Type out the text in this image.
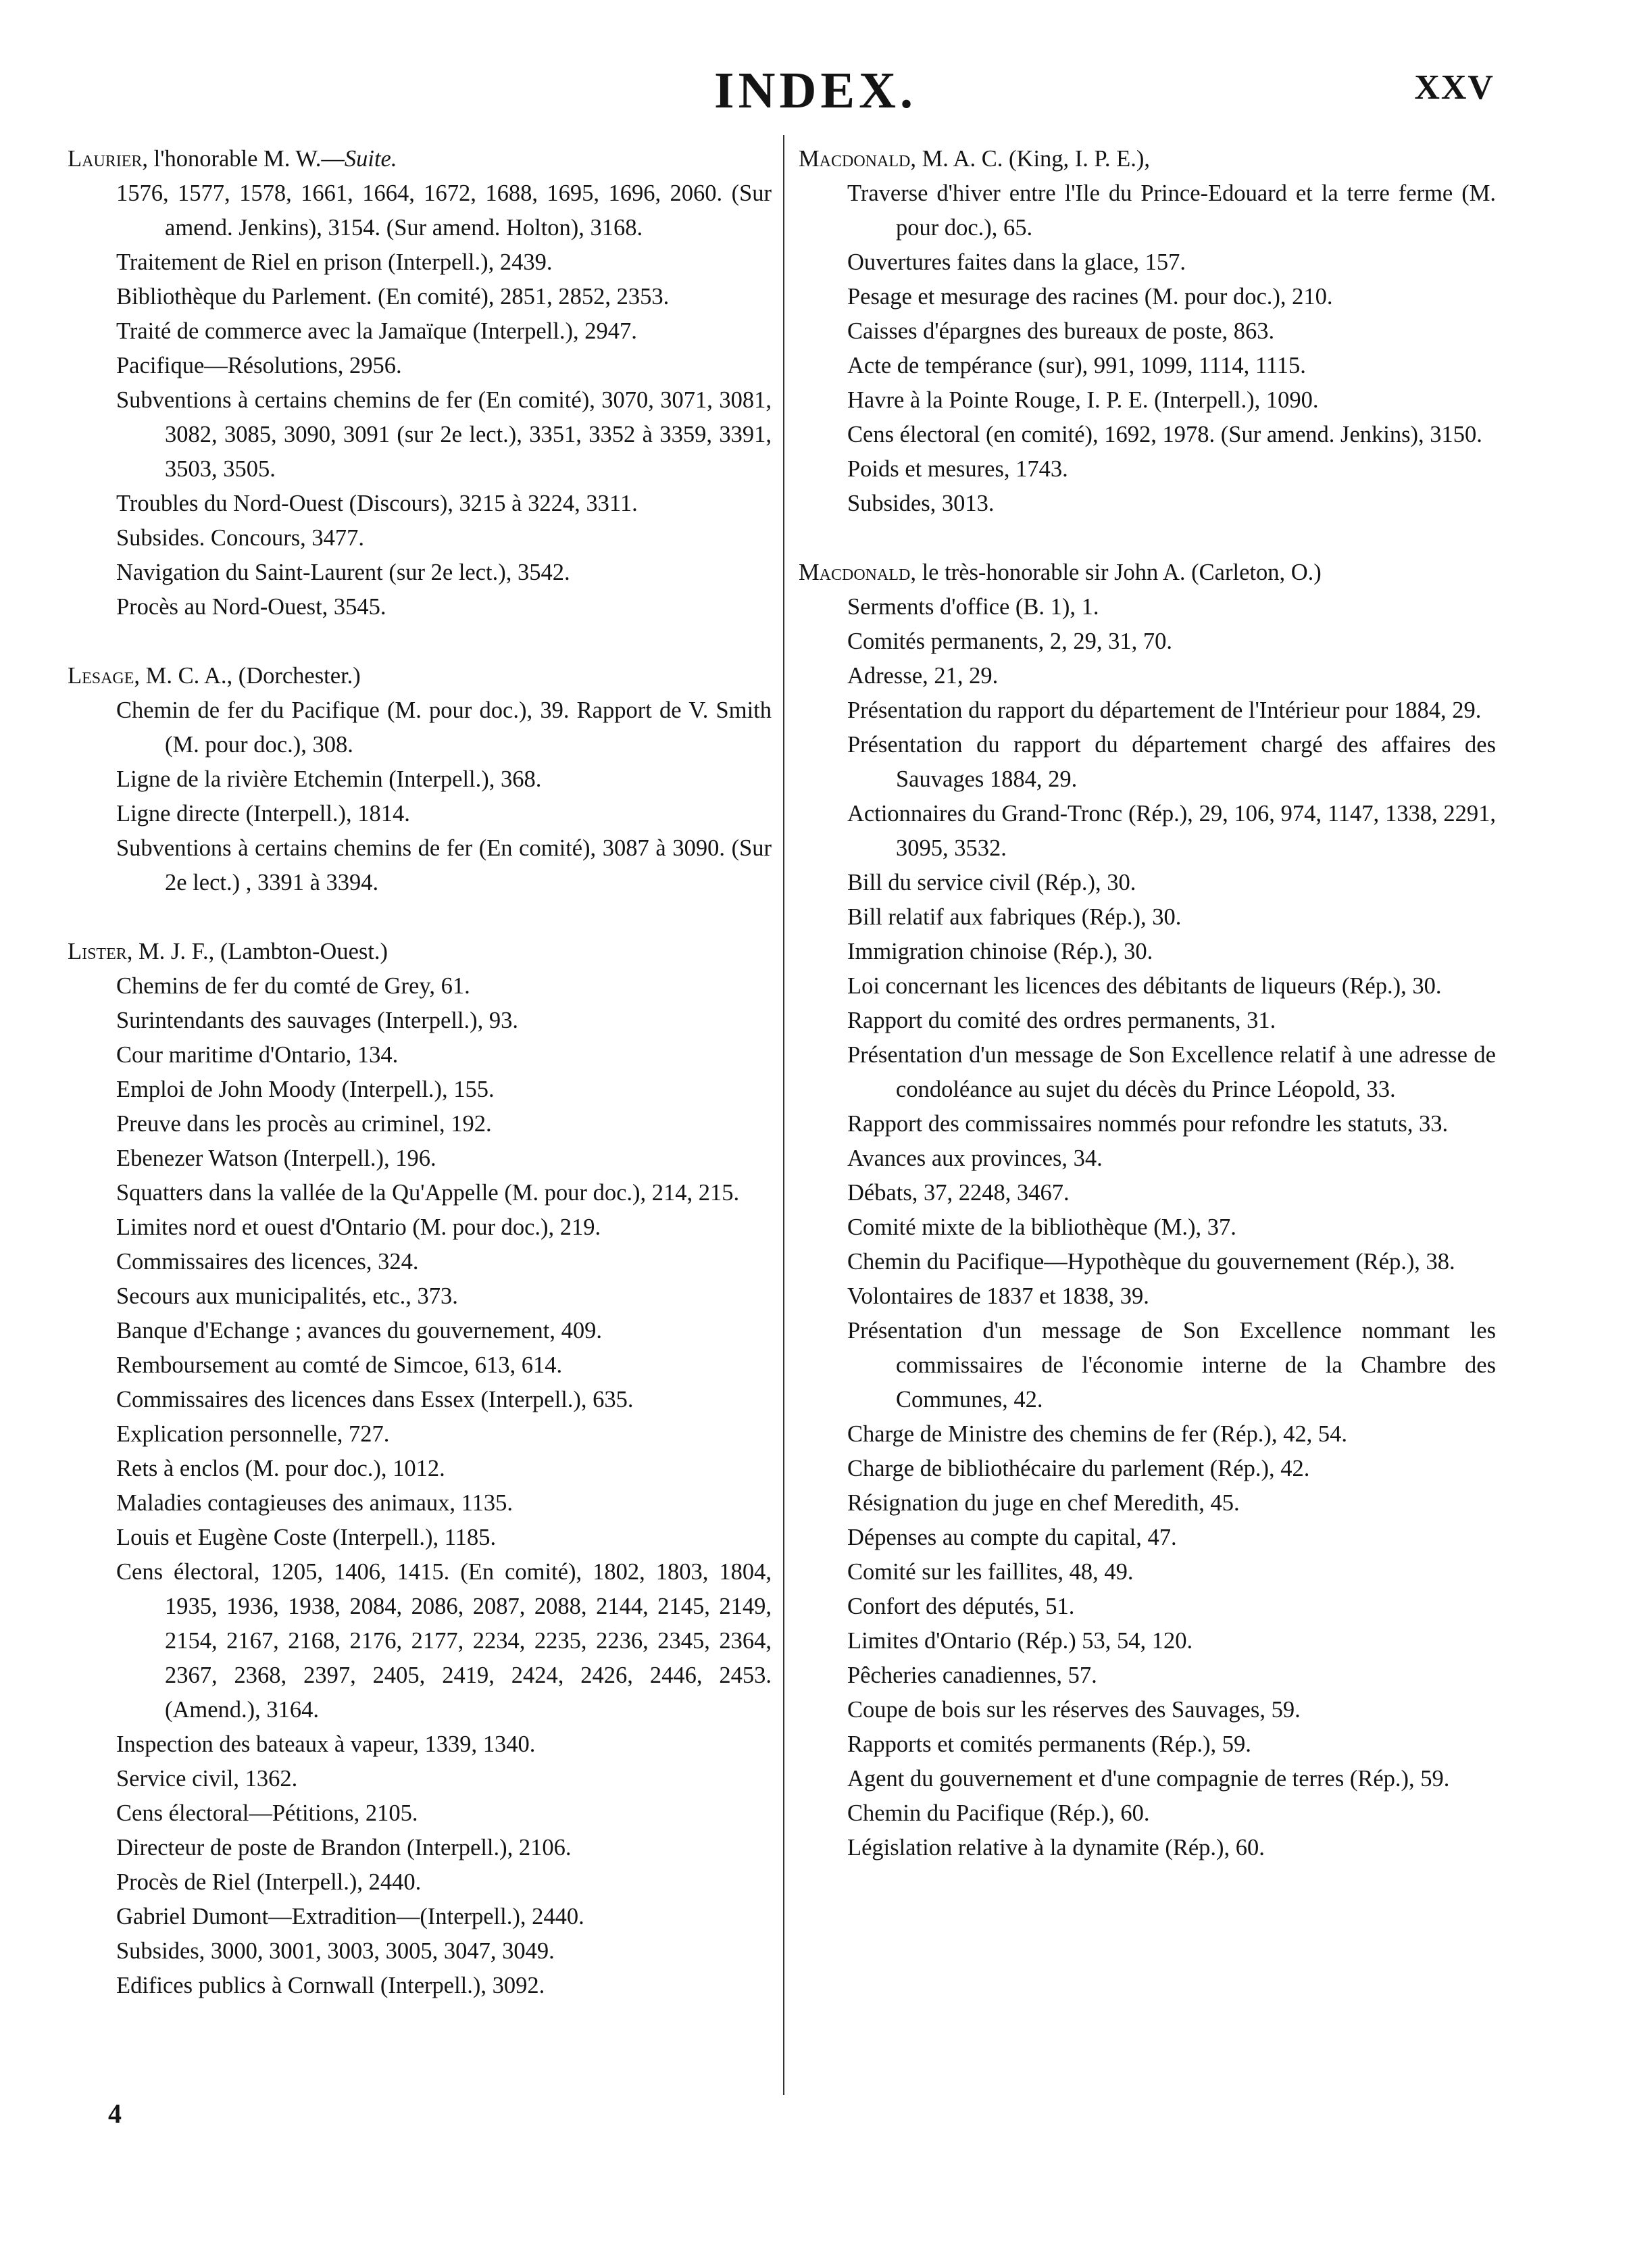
INDEX.	XXV
Laurier, l'honorable M. W.—Suite.
1576, 1577, 1578, 1661, 1664, 1672, 1688, 1695, 1696, 2060. (Sur amend. Jenkins), 3154. (Sur amend. Holton), 3168.
Traitement de Riel en prison (Interpell.), 2439.
Bibliothèque du Parlement. (En comité), 2851, 2852, 2353.
Traité de commerce avec la Jamaïque (Interpell.), 2947.
Pacifique—Résolutions, 2956.
Subventions à certains chemins de fer (En comité), 3070, 3071, 3081, 3082, 3085, 3090, 3091 (sur 2e lect.), 3351, 3352 à 3359, 3391, 3503, 3505.
Troubles du Nord-Ouest (Discours), 3215 à 3224, 3311.
Subsides. Concours, 3477.
Navigation du Saint-Laurent (sur 2e lect.), 3542.
Procès au Nord-Ouest, 3545.
Lesage, M. C. A., (Dorchester.)
Chemin de fer du Pacifique (M. pour doc.), 39. Rapport de V. Smith (M. pour doc.), 308.
Ligne de la rivière Etchemin (Interpell.), 368.
Ligne directe (Interpell.), 1814.
Subventions à certains chemins de fer (En comité), 3087 à 3090. (Sur 2e lect.) , 3391 à 3394.
Lister, M. J. F., (Lambton-Ouest.)
Chemins de fer du comté de Grey, 61.
Surintendants des sauvages (Interpell.), 93.
Cour maritime d'Ontario, 134.
Emploi de John Moody (Interpell.), 155.
Preuve dans les procès au criminel, 192.
Ebenezer Watson (Interpell.), 196.
Squatters dans la vallée de la Qu'Appelle (M. pour doc.), 214, 215.
Limites nord et ouest d'Ontario (M. pour doc.), 219.
Commissaires des licences, 324.
Secours aux municipalités, etc., 373.
Banque d'Echange ; avances du gouvernement, 409.
Remboursement au comté de Simcoe, 613, 614.
Commissaires des licences dans Essex (Interpell.), 635.
Explication personnelle, 727.
Rets à enclos (M. pour doc.), 1012.
Maladies contagieuses des animaux, 1135.
Louis et Eugène Coste (Interpell.), 1185.
Cens électoral, 1205, 1406, 1415. (En comité), 1802, 1803, 1804, 1935, 1936, 1938, 2084, 2086, 2087, 2088, 2144, 2145, 2149, 2154, 2167, 2168, 2176, 2177, 2234, 2235, 2236, 2345, 2364, 2367, 2368, 2397, 2405, 2419, 2424, 2426, 2446, 2453. (Amend.), 3164.
Inspection des bateaux à vapeur, 1339, 1340.
Service civil, 1362.
Cens électoral—Pétitions, 2105.
Directeur de poste de Brandon (Interpell.), 2106.
Procès de Riel (Interpell.), 2440.
Gabriel Dumont—Extradition—(Interpell.), 2440.
Subsides, 3000, 3001, 3003, 3005, 3047, 3049.
Edifices publics à Cornwall (Interpell.), 3092.
Macdonald, M. A. C. (King, I. P. E.),
Traverse d'hiver entre l'Ile du Prince-Edouard et la terre ferme (M. pour doc.), 65.
Ouvertures faites dans la glace, 157.
Pesage et mesurage des racines (M. pour doc.), 210.
Caisses d'épargnes des bureaux de poste, 863.
Acte de tempérance (sur), 991, 1099, 1114, 1115.
Havre à la Pointe Rouge, I. P. E. (Interpell.), 1090.
Cens électoral (en comité), 1692, 1978. (Sur amend. Jenkins), 3150.
Poids et mesures, 1743.
Subsides, 3013.
Macdonald, le très-honorable sir John A. (Carleton, O.)
Serments d'office (B. 1), 1.
Comités permanents, 2, 29, 31, 70.
Adresse, 21, 29.
Présentation du rapport du département de l'Intérieur pour 1884, 29.
Présentation du rapport du département chargé des affaires des Sauvages 1884, 29.
Actionnaires du Grand-Tronc (Rép.), 29, 106, 974, 1147, 1338, 2291, 3095, 3532.
Bill du service civil (Rép.), 30.
Bill relatif aux fabriques (Rép.), 30.
Immigration chinoise (Rép.), 30.
Loi concernant les licences des débitants de liqueurs (Rép.), 30.
Rapport du comité des ordres permanents, 31.
Présentation d'un message de Son Excellence relatif à une adresse de condoléance au sujet du décès du Prince Léopold, 33.
Rapport des commissaires nommés pour refondre les statuts, 33.
Avances aux provinces, 34.
Débats, 37, 2248, 3467.
Comité mixte de la bibliothèque (M.), 37.
Chemin du Pacifique—Hypothèque du gouvernement (Rép.), 38.
Volontaires de 1837 et 1838, 39.
Présentation d'un message de Son Excellence nommant les commissaires de l'économie interne de la Chambre des Communes, 42.
Charge de Ministre des chemins de fer (Rép.), 42, 54.
Charge de bibliothécaire du parlement (Rép.), 42.
Résignation du juge en chef Meredith, 45.
Dépenses au compte du capital, 47.
Comité sur les faillites, 48, 49.
Confort des députés, 51.
Limites d'Ontario (Rép.) 53, 54, 120.
Pêcheries canadiennes, 57.
Coupe de bois sur les réserves des Sauvages, 59.
Rapports et comités permanents (Rép.), 59.
Agent du gouvernement et d'une compagnie de terres (Rép.), 59.
Chemin du Pacifique (Rép.), 60.
Législation relative à la dynamite (Rép.), 60.
4
